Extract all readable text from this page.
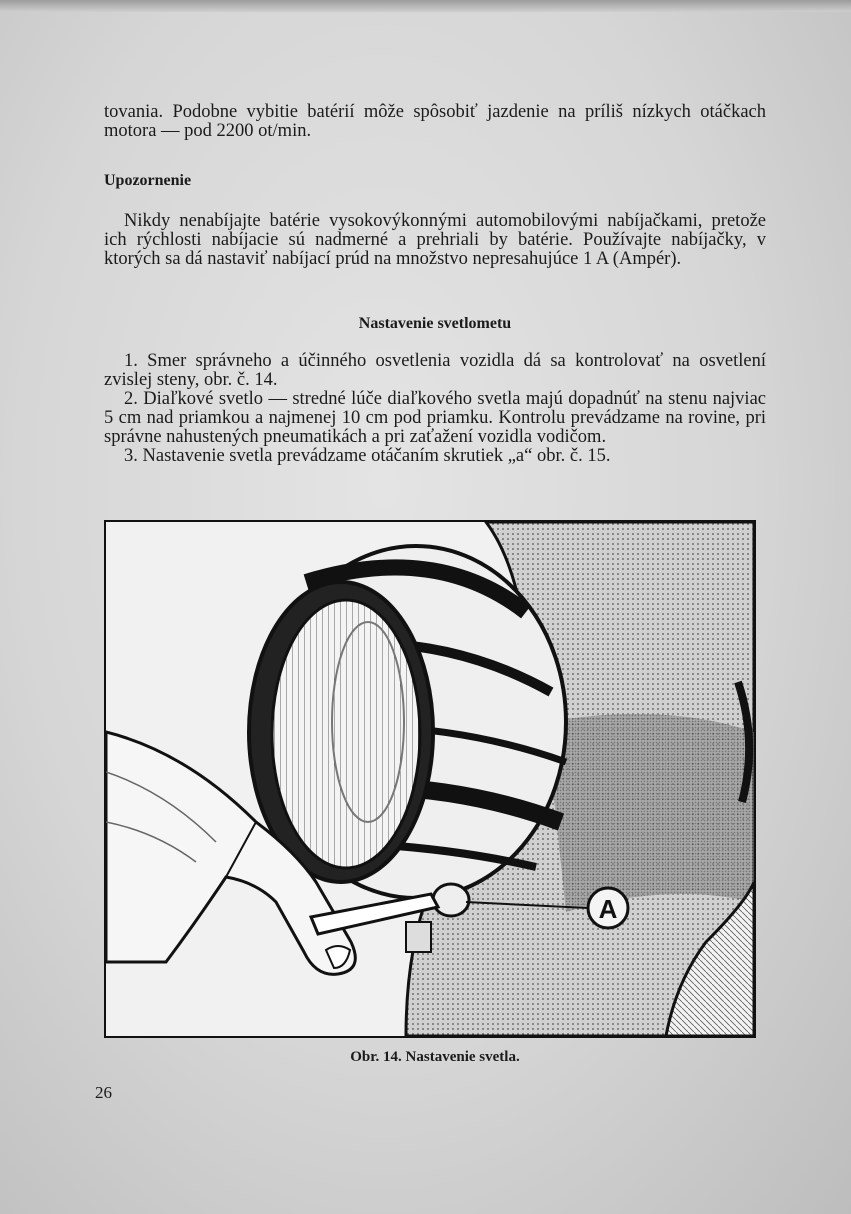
tovania. Podobne vybitie batérií môže spôsobiť jazdenie na príliš nízkych otáčkach motora — pod 2200 ot/min.

Upozornenie

Nikdy nenabíjajte batérie vysokovýkonnými automobilovými nabíjačkami, pretože ich rýchlosti nabíjacie sú nadmerné a prehriali by batérie. Používajte nabíjačky, v ktorých sa dá nastaviť nabíjací prúd na množstvo nepresahujúce 1 A (Ampér).

Nastavenie svetlometu

1. Smer správneho a účinného osvetlenia vozidla dá sa kontrolovať na osvetlení zvislej steny, obr. č. 14.

2. Diaľkové svetlo — stredné lúče diaľkového svetla majú dopadnúť na stenu najviac 5 cm nad priamkou a najmenej 10 cm pod priamku. Kontrolu prevádzame na rovine, pri správne nahustených pneumatikách a pri zaťažení vozidla vodičom.

3. Nastavenie svetla prevádzame otáčaním skrutiek „a“ obr. č. 15.

A
Obr. 14. Nastavenie svetla.
26
